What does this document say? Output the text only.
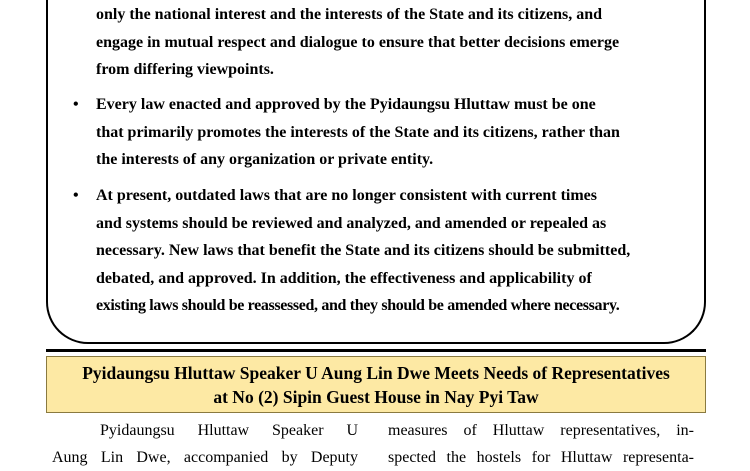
only the national interest and the interests of the State and its citizens, and

engage in mutual respect and dialogue to ensure that better decisions emerge

from differing viewpoints.

• Every law enacted and approved by the Pyidaungsu Hluttaw must be one

that primarily promotes the interests of the State and its citizens, rather than

the interests of any organization or private entity.

• At present, outdated laws that are no longer consistent with current times

and systems should be reviewed and analyzed, and amended or repealed as

necessary. New laws that benefit the State and its citizens should be submitted,

debated, and approved. In addition, the effectiveness and applicability of

existing laws should be reassessed, and they should be amended where necessary.

Pyidaungsu Hluttaw Speaker U Aung Lin Dwe Meets Needs of Representatives
at No (2) Sipin Guest House in Nay Pyi Taw

Pyidaungsu Hluttaw Speaker U
Aung Lin Dwe, accompanied by Deputy

measures of Hluttaw representatives, in-
spected the hostels for Hluttaw representa-
